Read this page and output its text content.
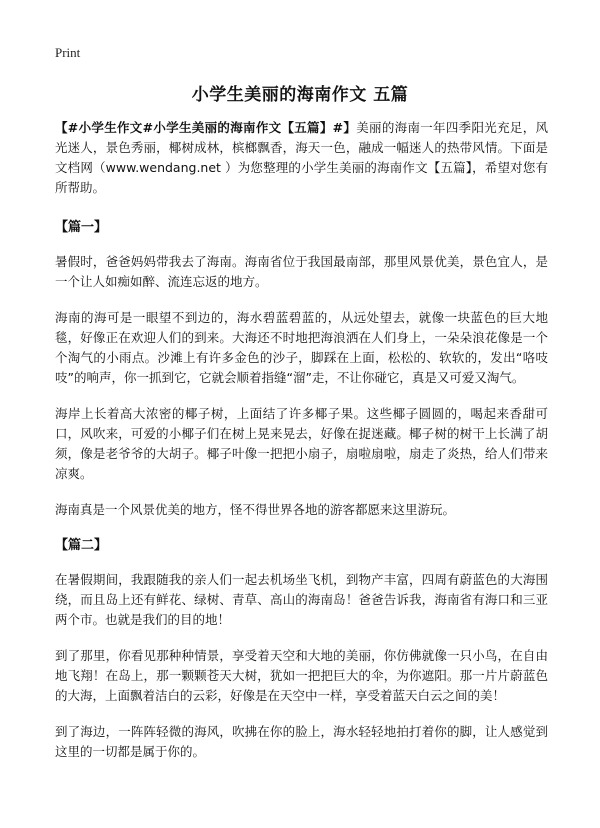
Print
小学生美丽的海南作文 五篇

【#小学生作文#小学生美丽的海南作文【五篇】#】美丽的海南一年四季阳光充足，风光迷人，景色秀丽，椰树成林，槟榔飘香，海天一色，融成一幅迷人的热带风情。下面是文档网（www.wendang.net ）为您整理的小学生美丽的海南作文【五篇】，希望对您有所帮助。

【篇一】

暑假时，爸爸妈妈带我去了海南。海南省位于我国最南部，那里风景优美，景色宜人，是一个让人如痴如醉、流连忘返的地方。

海南的海可是一眼望不到边的，海水碧蓝碧蓝的，从远处望去，就像一块蓝色的巨大地毯，好像正在欢迎人们的到来。大海还不时地把海浪洒在人们身上，一朵朵浪花像是一个个淘气的小雨点。沙滩上有许多金色的沙子，脚踩在上面，松松的、软软的，发出“咯吱吱”的响声，你一抓到它，它就会顺着指缝“溜”走，不让你碰它，真是又可爱又淘气。

海岸上长着高大浓密的椰子树，上面结了许多椰子果。这些椰子圆圆的，喝起来香甜可口，风吹来，可爱的小椰子们在树上晃来晃去，好像在捉迷藏。椰子树的树干上长满了胡须，像是老爷爷的大胡子。椰子叶像一把把小扇子，扇啦扇啦，扇走了炎热，给人们带来凉爽。

海南真是一个风景优美的地方，怪不得世界各地的游客都愿来这里游玩。

【篇二】

在暑假期间，我跟随我的亲人们一起去机场坐飞机，到物产丰富，四周有蔚蓝色的大海围绕，而且岛上还有鲜花、绿树、青草、高山的海南岛！爸爸告诉我，海南省有海口和三亚两个市。也就是我们的目的地！

到了那里，你看见那种种情景，享受着天空和大地的美丽，你仿佛就像一只小鸟，在自由地飞翔！在岛上，那一颗颗苍天大树，犹如一把把巨大的伞，为你遮阳。那一片片蔚蓝色的大海，上面飘着洁白的云彩，好像是在天空中一样，享受着蓝天白云之间的美！

到了海边，一阵阵轻微的海风，吹拂在你的脸上，海水轻轻地拍打着你的脚，让人感觉到这里的一切都是属于你的。
